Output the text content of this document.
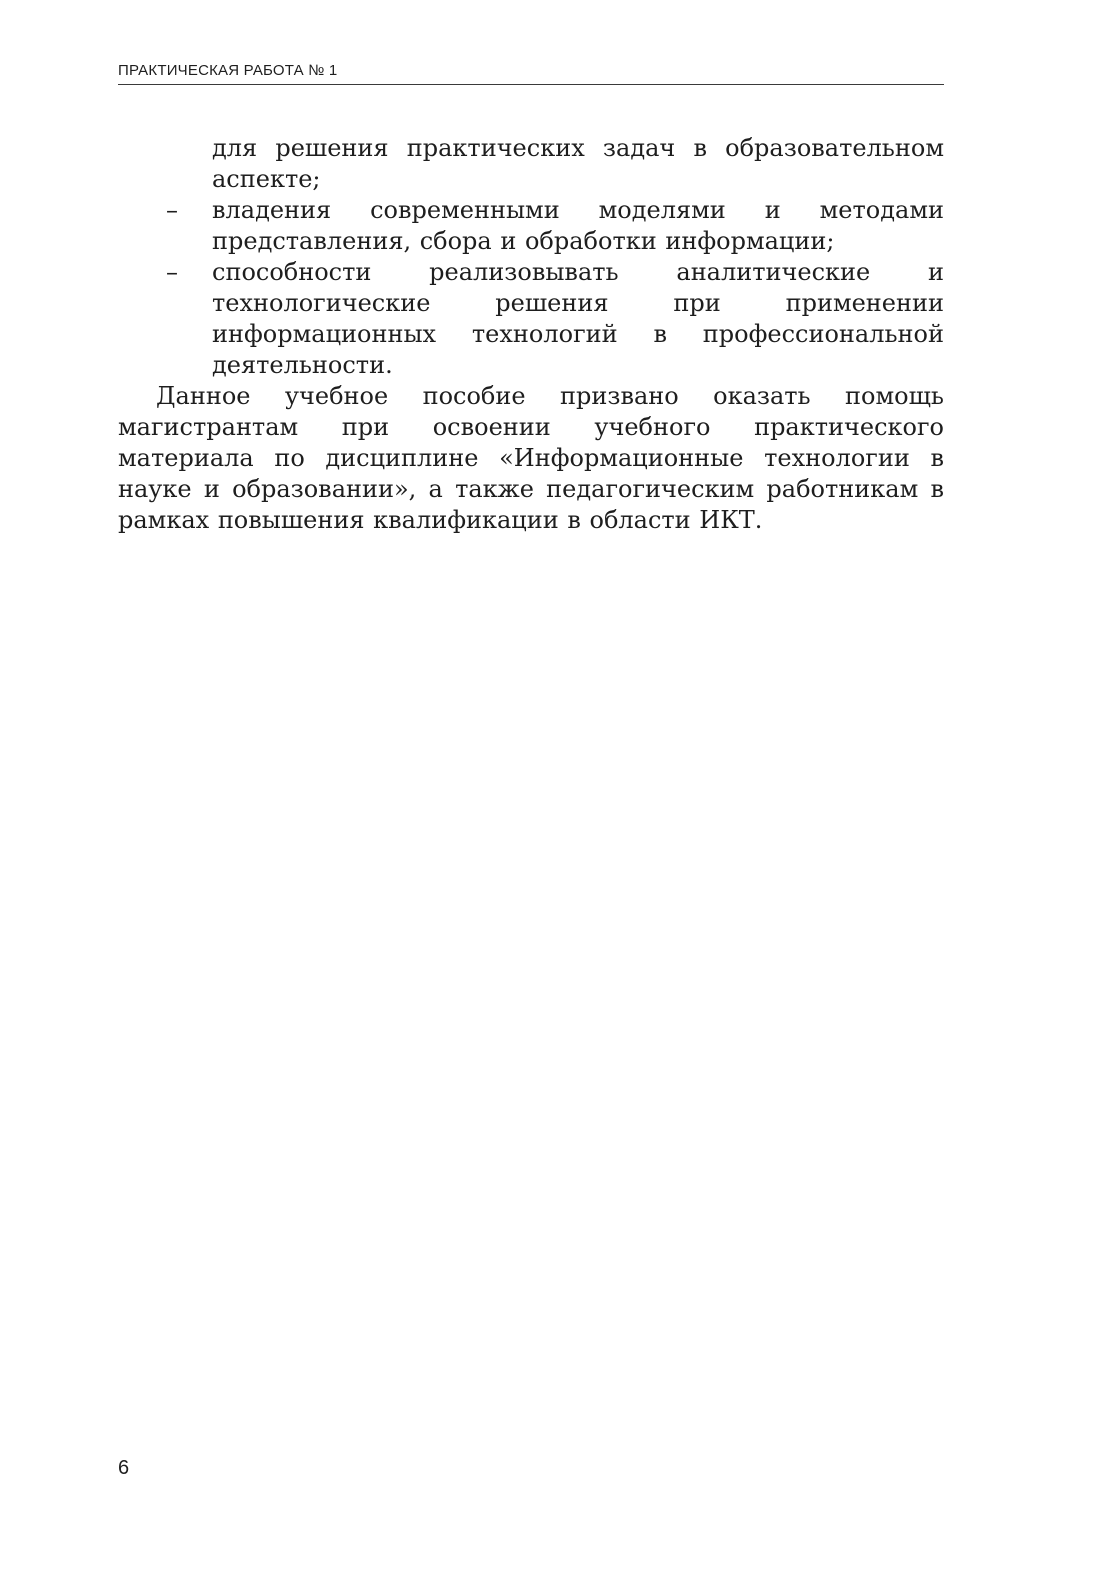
ПРАКТИЧЕСКАЯ РАБОТА № 1
для решения практических задач в образовательном аспекте;
– владения современными моделями и методами представления, сбора и обработки информации;
– способности реализовывать аналитические и технологические решения при применении информационных технологий в профессиональной деятельности.

Данное учебное пособие призвано оказать помощь магистрантам при освоении учебного практического материала по дисциплине «Информационные технологии в науке и образовании», а также педагогическим работникам в рамках повышения квалификации в области ИКТ.

6
